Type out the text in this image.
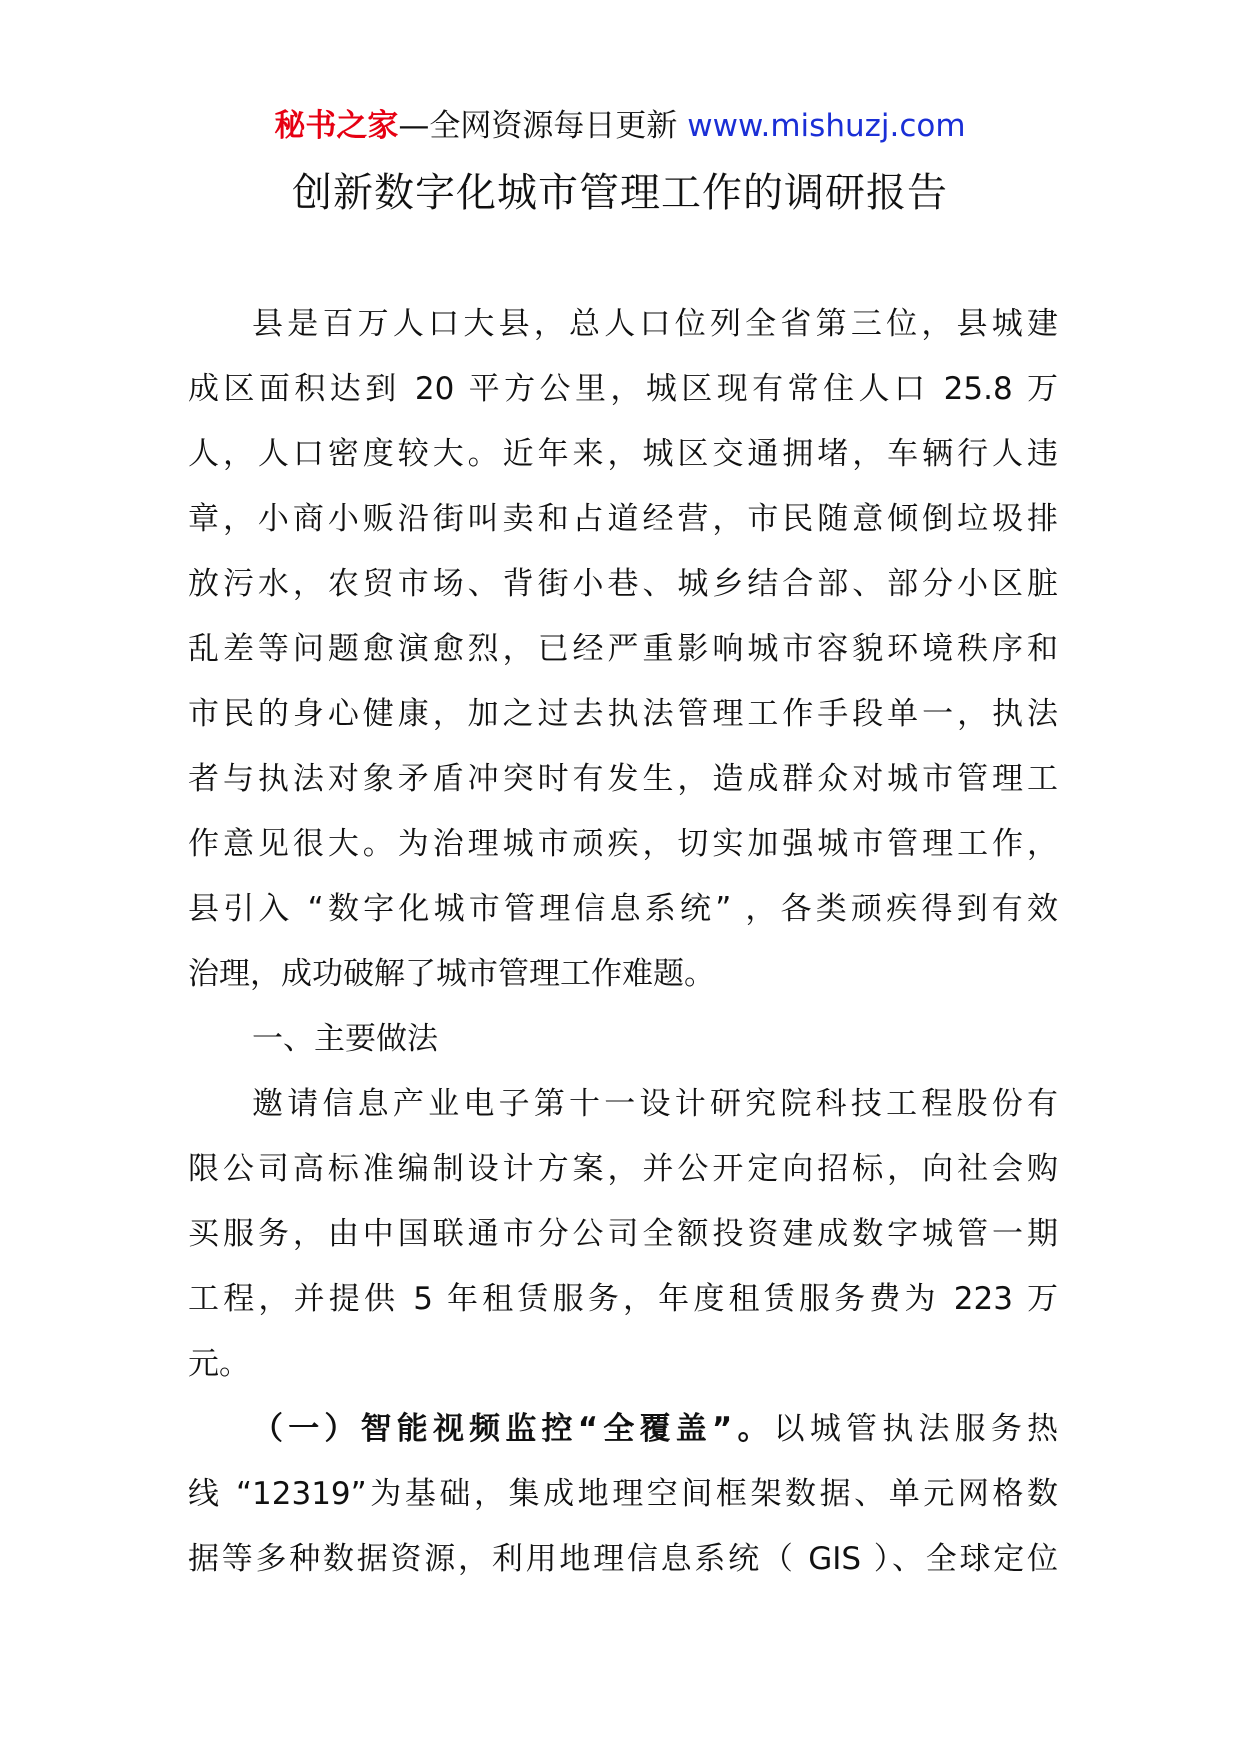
秘书之家—全网资源每日更新 www.mishuzj.com
创新数字化城市管理工作的调研报告
县是百万人口大县，总人口位列全省第三位，县城建
成区面积达到 20 平方公里，城区现有常住人口 25.8 万
人，人口密度较大。近年来，城区交通拥堵，车辆行人违
章，小商小贩沿街叫卖和占道经营，市民随意倾倒垃圾排
放污水，农贸市场、背街小巷、城乡结合部、部分小区脏
乱差等问题愈演愈烈，已经严重影响城市容貌环境秩序和
市民的身心健康，加之过去执法管理工作手段单一，执法
者与执法对象矛盾冲突时有发生，造成群众对城市管理工
作意见很大。为治理城市顽疾，切实加强城市管理工作，
县引入 “数字化城市管理信息系统” ，各类顽疾得到有效
治理，成功破解了城市管理工作难题。
一、主要做法
邀请信息产业电子第十一设计研究院科技工程股份有
限公司高标准编制设计方案，并公开定向招标，向社会购
买服务，由中国联通市分公司全额投资建成数字城管一期
工程，并提供 5 年租赁服务，年度租赁服务费为 223 万
元。
（一）智能视频监控“全覆盖”。以城管执法服务热
线 “12319”为基础，集成地理空间框架数据、单元网格数
据等多种数据资源，利用地理信息系统（ GIS ）、全球定位
